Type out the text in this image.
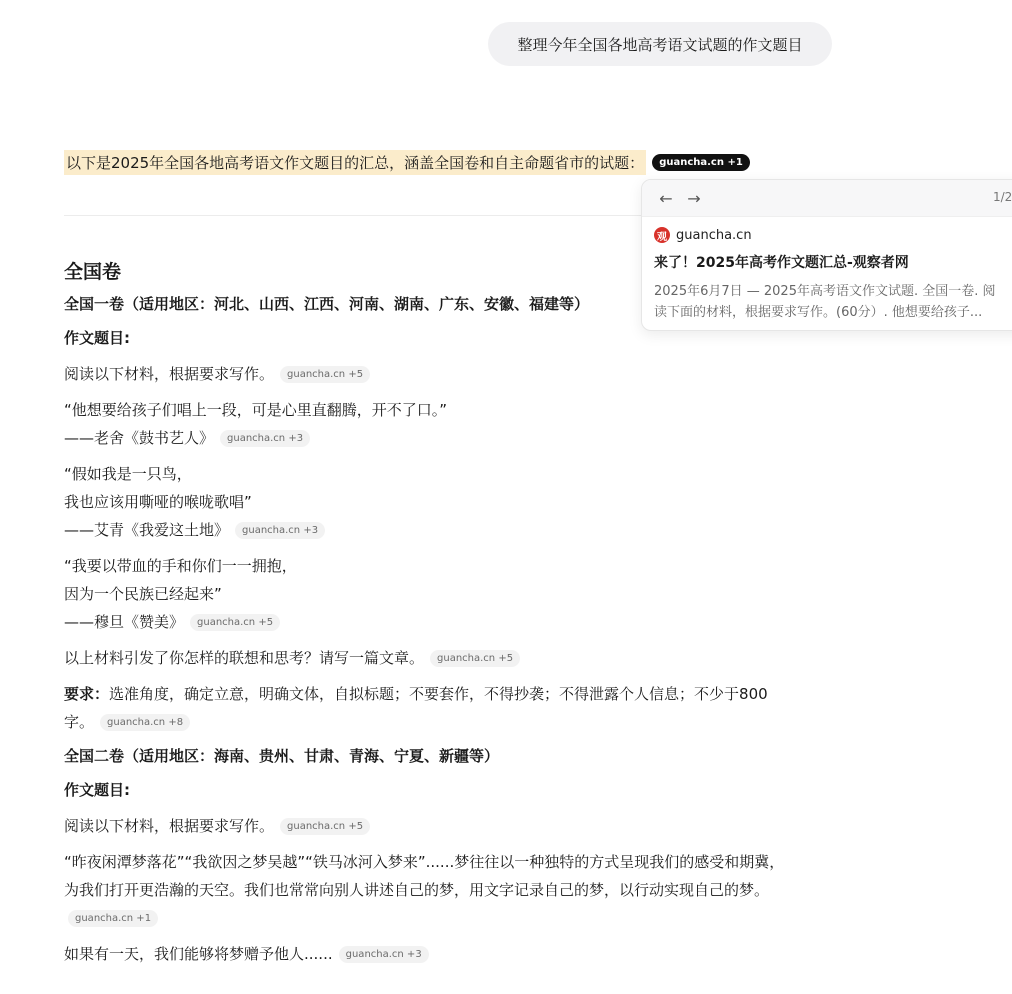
整理今年全国各地高考语文试题的作文题目
以下是2025年全国各地高考语文作文题目的汇总，涵盖全国卷和自主命题省市的试题：	guancha.cn +1
全国卷
全国一卷（适用地区：河北、山西、江西、河南、湖南、广东、安徽、福建等）
作文题目:
阅读以下材料，根据要求写作。 guancha.cn +5
“他想要给孩子们唱上一段，可是心里直翻腾，开不了口。”
——老舍《鼓书艺人》 guancha.cn +3
“假如我是一只鸟，
我也应该用嘶哑的喉咙歌唱”
——艾青《我爱这土地》 guancha.cn +3
“我要以带血的手和你们一一拥抱，
因为一个民族已经起来”
——穆旦《赞美》 guancha.cn +5
以上材料引发了你怎样的联想和思考？请写一篇文章。 guancha.cn +5
要求：选准角度，确定立意，明确文体，自拟标题；不要套作，不得抄袭；不得泄露个人信息；不少于800
字。 guancha.cn +8
全国二卷（适用地区：海南、贵州、甘肃、青海、宁夏、新疆等）
作文题目:
阅读以下材料，根据要求写作。 guancha.cn +5
“昨夜闲潭梦落花”“我欲因之梦吴越”“铁马冰河入梦来”......梦往往以一种独特的方式呈现我们的感受和期冀，
为我们打开更浩瀚的天空。我们也常常向别人讲述自己的梦，用文字记录自己的梦，以行动实现自己的梦。
guancha.cn +1
如果有一天，我们能够将梦赠予他人...... guancha.cn +3
← →	1/2
观 guancha.cn
来了！2025年高考作文题汇总-观察者网
2025年6月7日 — 2025年高考语文作文试题. 全国一卷. 阅
读下面的材料，根据要求写作。(60分）. 他想要给孩子...
